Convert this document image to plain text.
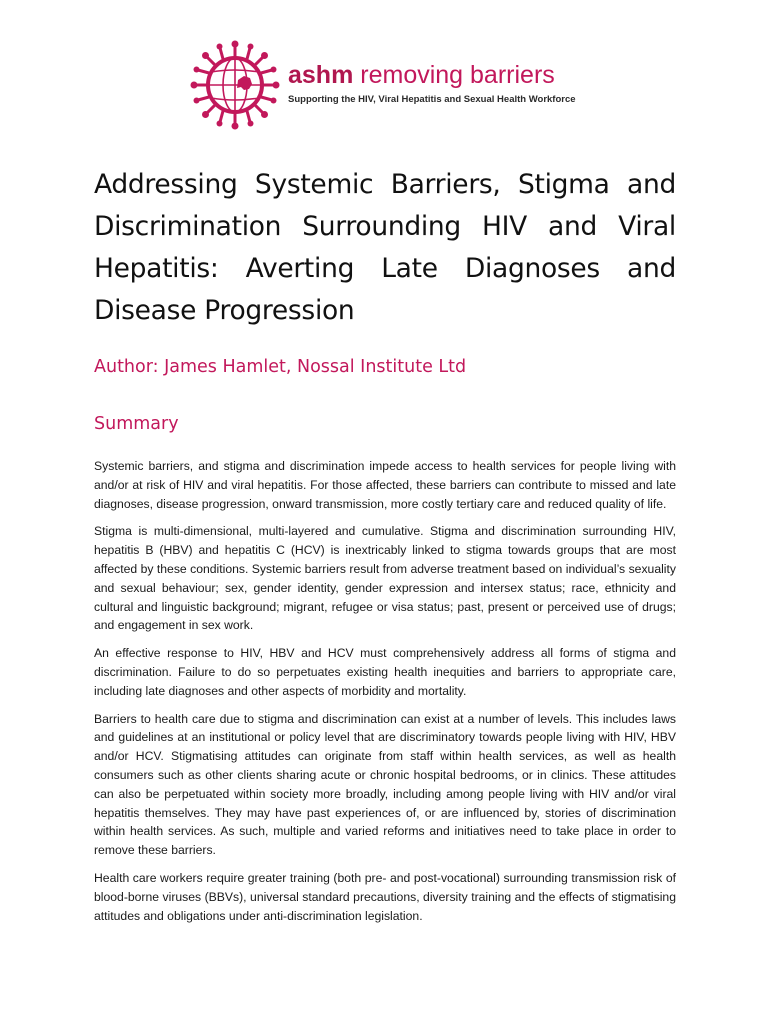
ashm removing barriers
Supporting the HIV, Viral Hepatitis and Sexual Health Workforce
Addressing Systemic Barriers, Stigma and Discrimination Surrounding HIV and Viral Hepatitis: Averting Late Diagnoses and Disease Progression

Author: James Hamlet, Nossal Institute Ltd

Summary

Systemic barriers, and stigma and discrimination impede access to health services for people living with and/or at risk of HIV and viral hepatitis. For those affected, these barriers can contribute to missed and late diagnoses, disease progression, onward transmission, more costly tertiary care and reduced quality of life.

Stigma is multi-dimensional, multi-layered and cumulative. Stigma and discrimination surrounding HIV, hepatitis B (HBV) and hepatitis C (HCV) is inextricably linked to stigma towards groups that are most affected by these conditions. Systemic barriers result from adverse treatment based on individual’s sexuality and sexual behaviour; sex, gender identity, gender expression and intersex status; race, ethnicity and cultural and linguistic background; migrant, refugee or visa status; past, present or perceived use of drugs; and engagement in sex work.

An effective response to HIV, HBV and HCV must comprehensively address all forms of stigma and discrimination. Failure to do so perpetuates existing health inequities and barriers to appropriate care, including late diagnoses and other aspects of morbidity and mortality.

Barriers to health care due to stigma and discrimination can exist at a number of levels. This includes laws and guidelines at an institutional or policy level that are discriminatory towards people living with HIV, HBV and/or HCV. Stigmatising attitudes can originate from staff within health services, as well as health consumers such as other clients sharing acute or chronic hospital bedrooms, or in clinics. These attitudes can also be perpetuated within society more broadly, including among people living with HIV and/or viral hepatitis themselves. They may have past experiences of, or are influenced by, stories of discrimination within health services. As such, multiple and varied reforms and initiatives need to take place in order to remove these barriers.

Health care workers require greater training (both pre- and post-vocational) surrounding transmission risk of blood-borne viruses (BBVs), universal standard precautions, diversity training and the effects of stigmatising attitudes and obligations under anti-discrimination legislation.
